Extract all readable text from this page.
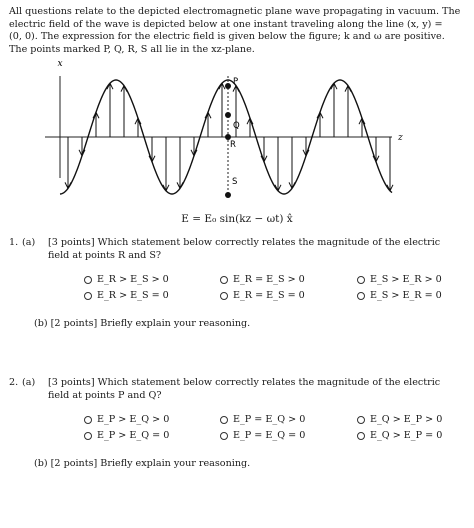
All questions relate to the depicted electromagnetic plane wave propagating in vacuum. The
electric field of the wave is depicted below at one instant traveling along the line (x, y) =
(0, 0). The expression for the electric field is given below the figure; k and ω are positive.
The points marked P, Q, R, S all lie in the xz-plane.
x
z
P
Q
R
S
E = E₀ sin(kz − ωt) x̂
1. (a) [3 points] Which statement below correctly relates the magnitude of the electric
field at points R and S?
E_R > E_S > 0	E_R = E_S > 0	E_S > E_R > 0
E_R > E_S = 0	E_R = E_S = 0	E_S > E_R = 0
(b) [2 points] Briefly explain your reasoning.
2. (a) [3 points] Which statement below correctly relates the magnitude of the electric
field at points P and Q?
E_P > E_Q > 0	E_P = E_Q > 0	E_Q > E_P > 0
E_P > E_Q = 0	E_P = E_Q = 0	E_Q > E_P = 0
(b) [2 points] Briefly explain your reasoning.
